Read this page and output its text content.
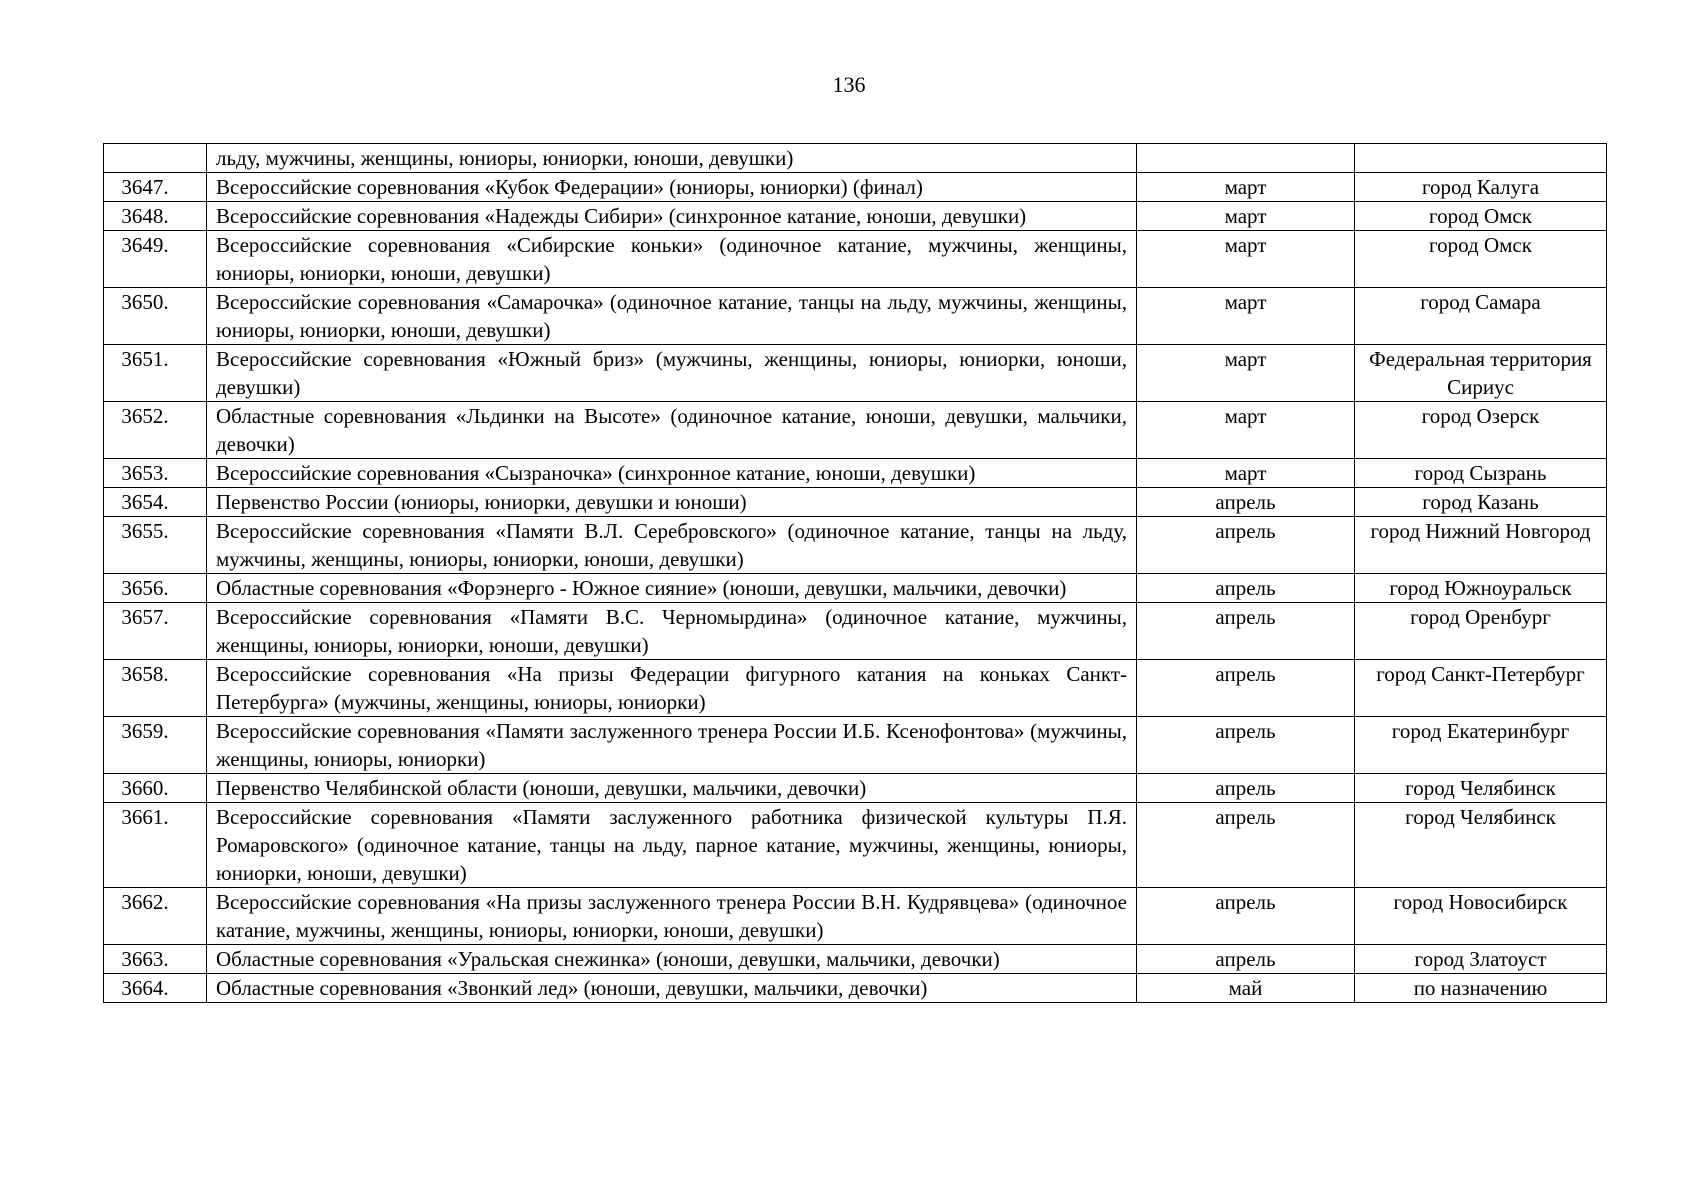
136
	льду, мужчины, женщины, юниоры, юниорки, юноши, девушки)		
3647.	Всероссийские соревнования «Кубок Федерации» (юниоры, юниорки) (финал)	март	город Калуга
3648.	Всероссийские соревнования «Надежды Сибири» (синхронное катание, юноши, девушки)	март	город Омск
3649.	Всероссийские соревнования «Сибирские коньки» (одиночное катание, мужчины, женщины, юниоры, юниорки, юноши, девушки)	март	город Омск
3650.	Всероссийские соревнования «Самарочка» (одиночное катание, танцы на льду, мужчины, женщины, юниоры, юниорки, юноши, девушки)	март	город Самара
3651.	Всероссийские соревнования «Южный бриз» (мужчины, женщины, юниоры, юниорки, юноши, девушки)	март	Федеральная территория Сириус
3652.	Областные соревнования «Льдинки на Высоте» (одиночное катание, юноши, девушки, мальчики, девочки)	март	город Озерск
3653.	Всероссийские соревнования «Сызраночка» (синхронное катание, юноши, девушки)	март	город Сызрань
3654.	Первенство России (юниоры, юниорки, девушки и юноши)	апрель	город Казань
3655.	Всероссийские соревнования «Памяти В.Л. Серебровского» (одиночное катание, танцы на льду, мужчины, женщины, юниоры, юниорки, юноши, девушки)	апрель	город Нижний Новгород
3656.	Областные соревнования «Форэнерго - Южное сияние» (юноши, девушки, мальчики, девочки)	апрель	город Южноуральск
3657.	Всероссийские соревнования «Памяти В.С. Черномырдина» (одиночное катание, мужчины, женщины, юниоры, юниорки, юноши, девушки)	апрель	город Оренбург
3658.	Всероссийские соревнования «На призы Федерации фигурного катания на коньках Санкт-Петербурга» (мужчины, женщины, юниоры, юниорки)	апрель	город Санкт-Петербург
3659.	Всероссийские соревнования «Памяти заслуженного тренера России И.Б. Ксенофонтова» (мужчины, женщины, юниоры, юниорки)	апрель	город Екатеринбург
3660.	Первенство Челябинской области (юноши, девушки, мальчики, девочки)	апрель	город Челябинск
3661.	Всероссийские соревнования «Памяти заслуженного работника физической культуры П.Я. Ромаровского» (одиночное катание, танцы на льду, парное катание, мужчины, женщины, юниоры, юниорки, юноши, девушки)	апрель	город Челябинск
3662.	Всероссийские соревнования «На призы заслуженного тренера России В.Н. Кудрявцева» (одиночное катание, мужчины, женщины, юниоры, юниорки, юноши, девушки)	апрель	город Новосибирск
3663.	Областные соревнования «Уральская снежинка» (юноши, девушки, мальчики, девочки)	апрель	город Златоуст
3664.	Областные соревнования «Звонкий лед» (юноши, девушки, мальчики, девочки)	май	по назначению
